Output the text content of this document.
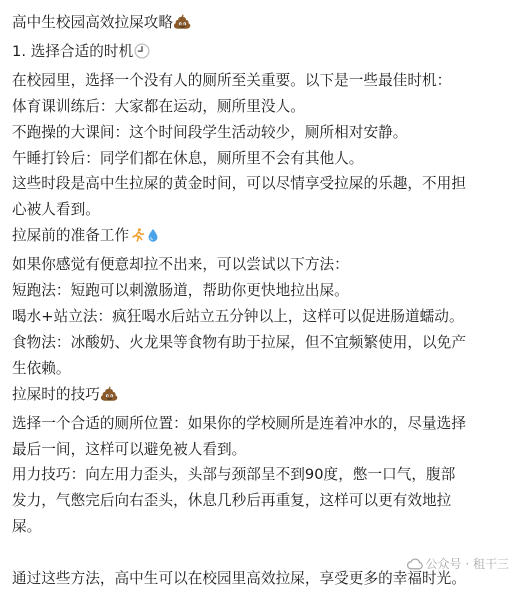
高中生校园高效拉屎攻略
1. 选择合适的时机
在校园里，选择一个没有人的厕所至关重要。以下是一些最佳时机：
体育课训练后：大家都在运动，厕所里没人。
不跑操的大课间：这个时间段学生活动较少，厕所相对安静。
午睡打铃后：同学们都在休息，厕所里不会有其他人。
这些时段是高中生拉屎的黄金时间，可以尽情享受拉屎的乐趣，不用担
心被人看到。
拉屎前的准备工作
如果你感觉有便意却拉不出来，可以尝试以下方法：
短跑法：短跑可以刺激肠道，帮助你更快地拉出屎。
喝水+站立法：疯狂喝水后站立五分钟以上，这样可以促进肠道蠕动。
食物法：冰酸奶、火龙果等食物有助于拉屎，但不宜频繁使用，以免产
生依赖。
拉屎时的技巧
选择一个合适的厕所位置：如果你的学校厕所是连着冲水的，尽量选择
最后一间，这样可以避免被人看到。
用力技巧：向左用力歪头，头部与颈部呈不到90度，憋一口气，腹部
发力，气憋完后向右歪头，休息几秒后再重复，这样可以更有效地拉
屎。
通过这些方法，高中生可以在校园里高效拉屎，享受更多的幸福时光。
公众号 · 租干三
